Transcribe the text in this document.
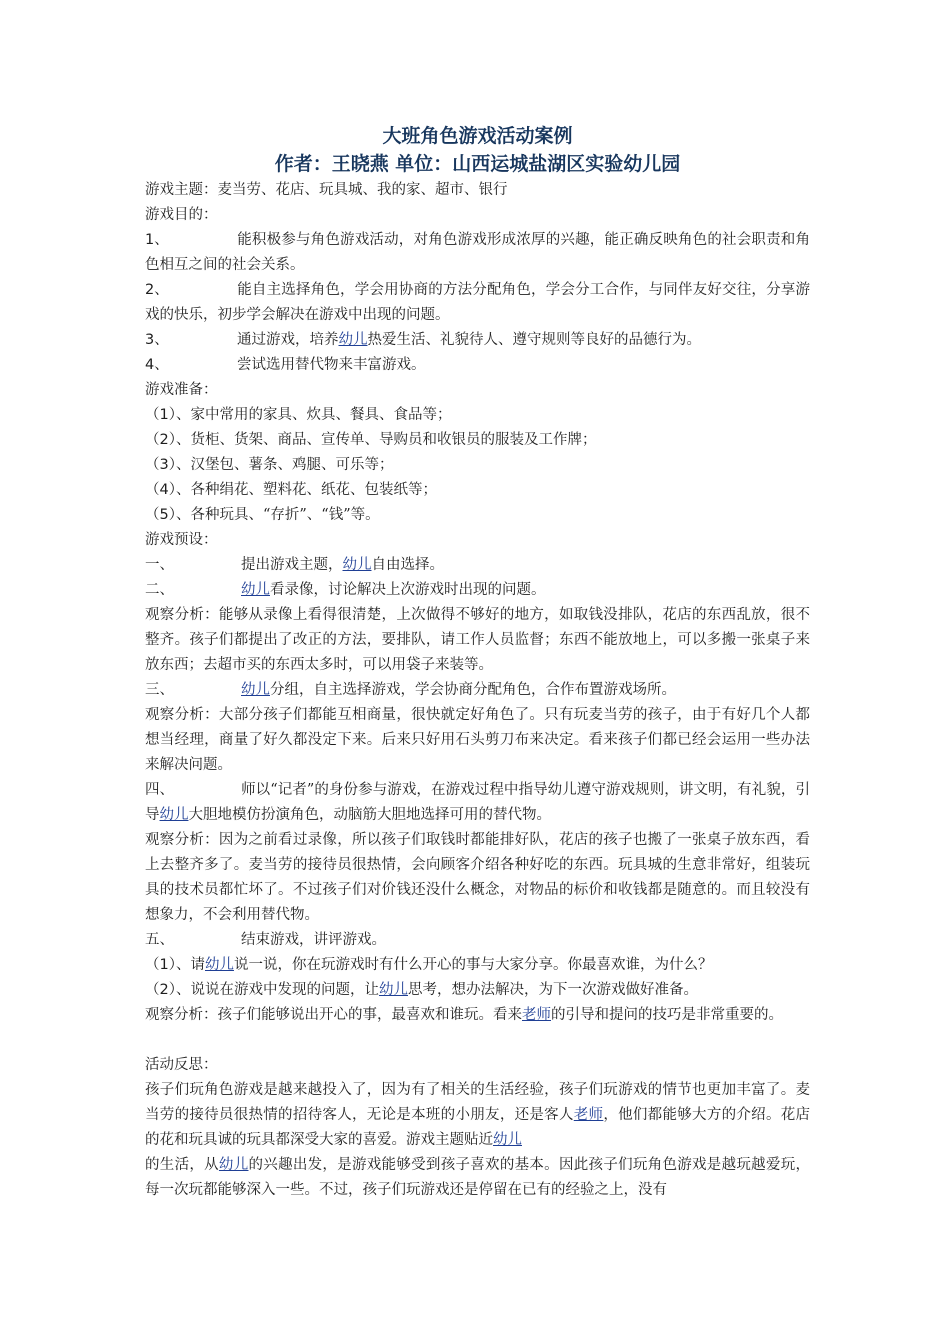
大班角色游戏活动案例
作者：王晓燕 单位：山西运城盐湖区实验幼儿园
游戏主题：麦当劳、花店、玩具城、我的家、超市、银行
游戏目的：
1、	能积极参与角色游戏活动，对角色游戏形成浓厚的兴趣，能正确反映角色的社会职责和角色相互之间的社会关系。
2、	能自主选择角色，学会用协商的方法分配角色，学会分工合作，与同伴友好交往，分享游戏的快乐，初步学会解决在游戏中出现的问题。
3、	通过游戏，培养幼儿热爱生活、礼貌待人、遵守规则等良好的品德行为。
4、	尝试选用替代物来丰富游戏。
游戏准备：
（1）、家中常用的家具、炊具、餐具、食品等；
（2）、货柜、货架、商品、宣传单、导购员和收银员的服装及工作牌；
（3）、汉堡包、薯条、鸡腿、可乐等；
（4）、各种绢花、塑料花、纸花、包装纸等；
（5）、各种玩具、“存折”、“钱”等。
游戏预设：
一、	提出游戏主题，幼儿自由选择。
二、	幼儿看录像，讨论解决上次游戏时出现的问题。
观察分析：能够从录像上看得很清楚，上次做得不够好的地方，如取钱没排队，花店的东西乱放，很不整齐。孩子们都提出了改正的方法，要排队，请工作人员监督；东西不能放地上，可以多搬一张桌子来放东西；去超市买的东西太多时，可以用袋子来装等。
三、	幼儿分组，自主选择游戏，学会协商分配角色，合作布置游戏场所。
观察分析：大部分孩子们都能互相商量，很快就定好角色了。只有玩麦当劳的孩子，由于有好几个人都想当经理，商量了好久都没定下来。后来只好用石头剪刀布来决定。看来孩子们都已经会运用一些办法来解决问题。
四、	师以“记者”的身份参与游戏，在游戏过程中指导幼儿遵守游戏规则，讲文明，有礼貌，引导幼儿大胆地模仿扮演角色，动脑筋大胆地选择可用的替代物。
观察分析：因为之前看过录像，所以孩子们取钱时都能排好队，花店的孩子也搬了一张桌子放东西，看上去整齐多了。麦当劳的接待员很热情，会向顾客介绍各种好吃的东西。玩具城的生意非常好，组装玩具的技术员都忙坏了。不过孩子们对价钱还没什么概念，对物品的标价和收钱都是随意的。而且较没有想象力，不会利用替代物。
五、	结束游戏，讲评游戏。
（1）、请幼儿说一说，你在玩游戏时有什么开心的事与大家分享。你最喜欢谁，为什么？
（2）、说说在游戏中发现的问题，让幼儿思考，想办法解决，为下一次游戏做好准备。
观察分析：孩子们能够说出开心的事，最喜欢和谁玩。看来老师的引导和提问的技巧是非常重要的。
活动反思：
孩子们玩角色游戏是越来越投入了，因为有了相关的生活经验，孩子们玩游戏的情节也更加丰富了。麦当劳的接待员很热情的招待客人，无论是本班的小朋友，还是客人老师，他们都能够大方的介绍。花店的花和玩具诚的玩具都深受大家的喜爱。游戏主题贴近幼儿
的生活，从幼儿的兴趣出发，是游戏能够受到孩子喜欢的基本。因此孩子们玩角色游戏是越玩越爱玩，每一次玩都能够深入一些。不过，孩子们玩游戏还是停留在已有的经验之上，没有
